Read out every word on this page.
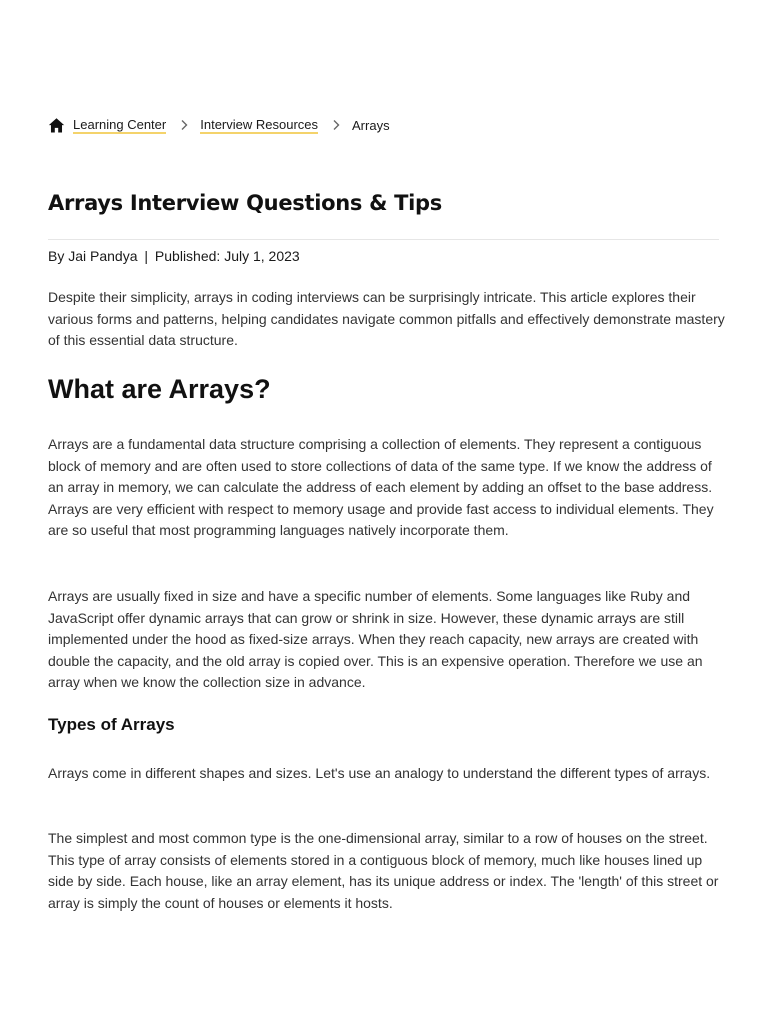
Learning Center	Interview Resources	Arrays
Arrays Interview Questions & Tips
By Jai Pandya | Published: July 1, 2023

Despite their simplicity, arrays in coding interviews can be surprisingly intricate. This article explores their various forms and patterns, helping candidates navigate common pitfalls and effectively demonstrate mastery of this essential data structure.

What are Arrays?

Arrays are a fundamental data structure comprising a collection of elements. They represent a contiguous block of memory and are often used to store collections of data of the same type. If we know the address of an array in memory, we can calculate the address of each element by adding an offset to the base address. Arrays are very efficient with respect to memory usage and provide fast access to individual elements. They are so useful that most programming languages natively incorporate them.

Arrays are usually fixed in size and have a specific number of elements. Some languages like Ruby and JavaScript offer dynamic arrays that can grow or shrink in size. However, these dynamic arrays are still implemented under the hood as fixed-size arrays. When they reach capacity, new arrays are created with double the capacity, and the old array is copied over. This is an expensive operation. Therefore we use an array when we know the collection size in advance.

Types of Arrays

Arrays come in different shapes and sizes. Let's use an analogy to understand the different types of arrays.

The simplest and most common type is the one-dimensional array, similar to a row of houses on the street. This type of array consists of elements stored in a contiguous block of memory, much like houses lined up side by side. Each house, like an array element, has its unique address or index. The 'length' of this street or array is simply the count of houses or elements it hosts.
